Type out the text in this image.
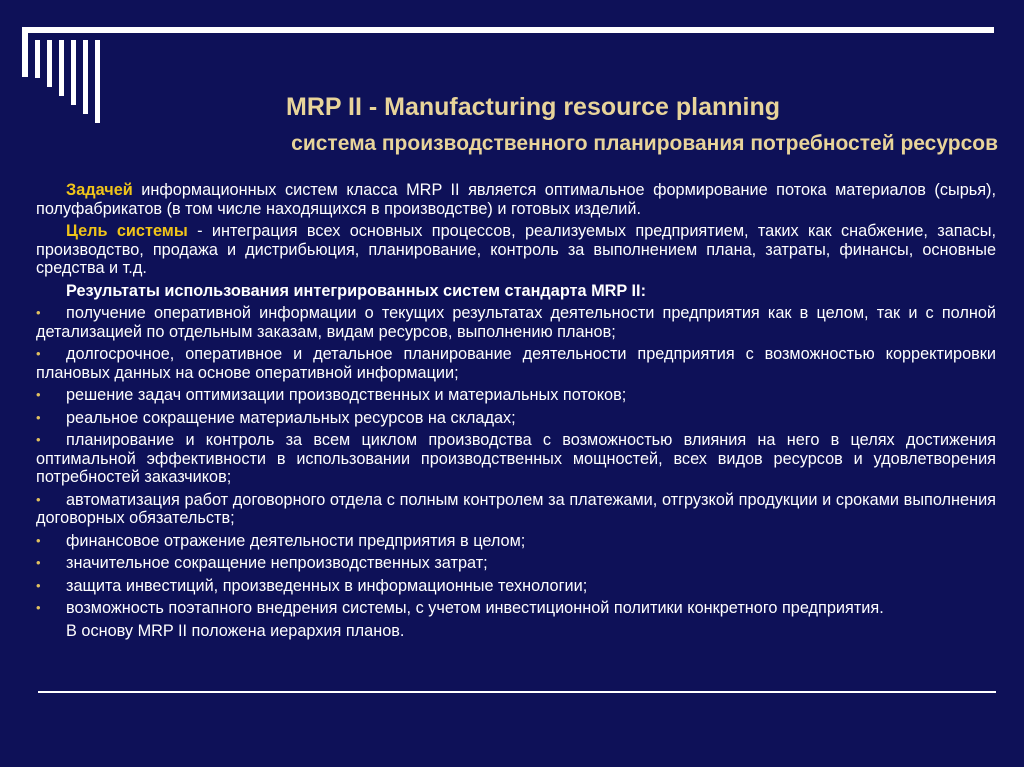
MRP II - Manufacturing resource planning
система производственного планирования потребностей ресурсов

Задачей информационных систем класса MRP II является оптимальное формирование потока материалов (сырья), полуфабрикатов (в том числе находящихся в производстве) и готовых изделий.

Цель системы - интеграция всех основных процессов, реализуемых предприятием, таких как снабжение, запасы, производство, продажа и дистрибьюция, планирование, контроль за выполнением плана, затраты, финансы, основные средства и т.д.

Результаты использования интегрированных систем стандарта MRP II:

• получение оперативной информации о текущих результатах деятельности предприятия как в целом, так и с полной детализацией по отдельным заказам, видам ресурсов, выполнению планов;
• долгосрочное, оперативное и детальное планирование деятельности предприятия с возможностью корректировки плановых данных на основе оперативной информации;
• решение задач оптимизации производственных и материальных потоков;
• реальное сокращение материальных ресурсов на складах;
• планирование и контроль за всем циклом производства с возможностью влияния на него в целях достижения оптимальной эффективности в использовании производственных мощностей, всех видов ресурсов и удовлетворения потребностей заказчиков;
• автоматизация работ договорного отдела с полным контролем за платежами, отгрузкой продукции и сроками выполнения договорных обязательств;
• финансовое отражение деятельности предприятия в целом;
• значительное сокращение непроизводственных затрат;
• защита инвестиций, произведенных в информационные технологии;
• возможность поэтапного внедрения системы, с учетом инвестиционной политики конкретного предприятия.

В основу MRP II положена иерархия планов.
